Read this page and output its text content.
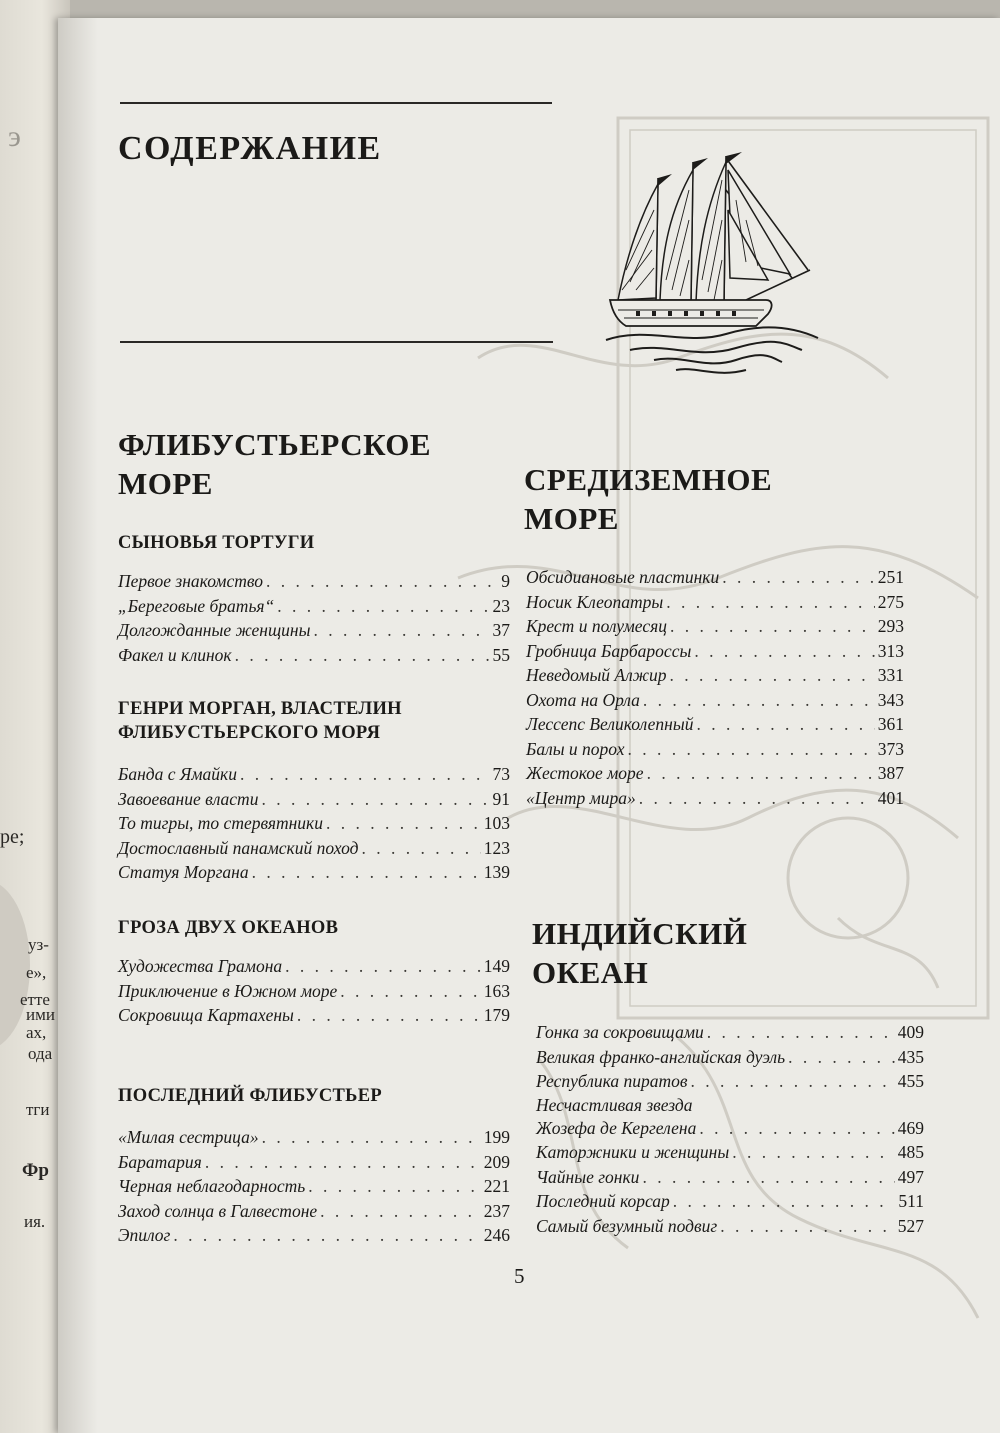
э
уз-
е»,
етте
ими
ах,
ода
ре;
тги
Фр
ия.
СОДЕРЖАНИЕ
ФЛИБУСТЬЕРСКОЕ
МОРЕ
СЫНОВЬЯ ТОРТУГИ
Первое знакомство . . .	9
„Береговые братья“ . . .	23
Долгожданные женщины . . .	37
Факел и клинок . . .	55
ГЕНРИ МОРГАН, ВЛАСТЕЛИН
ФЛИБУСТЬЕРСКОГО МОРЯ
Банда с Ямайки . . .	73
Завоевание власти . . .	91
То тигры, то стервятники . . .	103
Достославный панамский поход . . .	123
Статуя Моргана . . .	139
ГРОЗА ДВУХ ОКЕАНОВ
Художества Грамона . . .	149
Приключение в Южном море . . .	163
Сокровища Картахены . . .	179
ПОСЛЕДНИЙ ФЛИБУСТЬЕР
«Милая сестрица» . . .	199
Баратария . . .	209
Черная неблагодарность . . .	221
Заход солнца в Галвестоне . . .	237
Эпилог . . .	246
СРЕДИЗЕМНОЕ
МОРЕ
Обсидиановые пластинки . . .	251
Носик Клеопатры . . .	275
Крест и полумесяц . . .	293
Гробница Барбароссы . . .	313
Неведомый Алжир . . .	331
Охота на Орла . . .	343
Лессепс Великолепный . . .	361
Балы и порох . . .	373
Жестокое море . . .	387
«Центр мира» . . .	401
ИНДИЙСКИЙ
ОКЕАН
Гонка за сокровищами . . .	409
Великая франко-английская дуэль . . .	435
Республика пиратов . . .	455
Несчастливая звезда
Жозефа де Кергелена . . .	469
Каторжники и женщины . . .	485
Чайные гонки . . .	497
Последний корсар . . .	511
Самый безумный подвиг . . .	527
5
